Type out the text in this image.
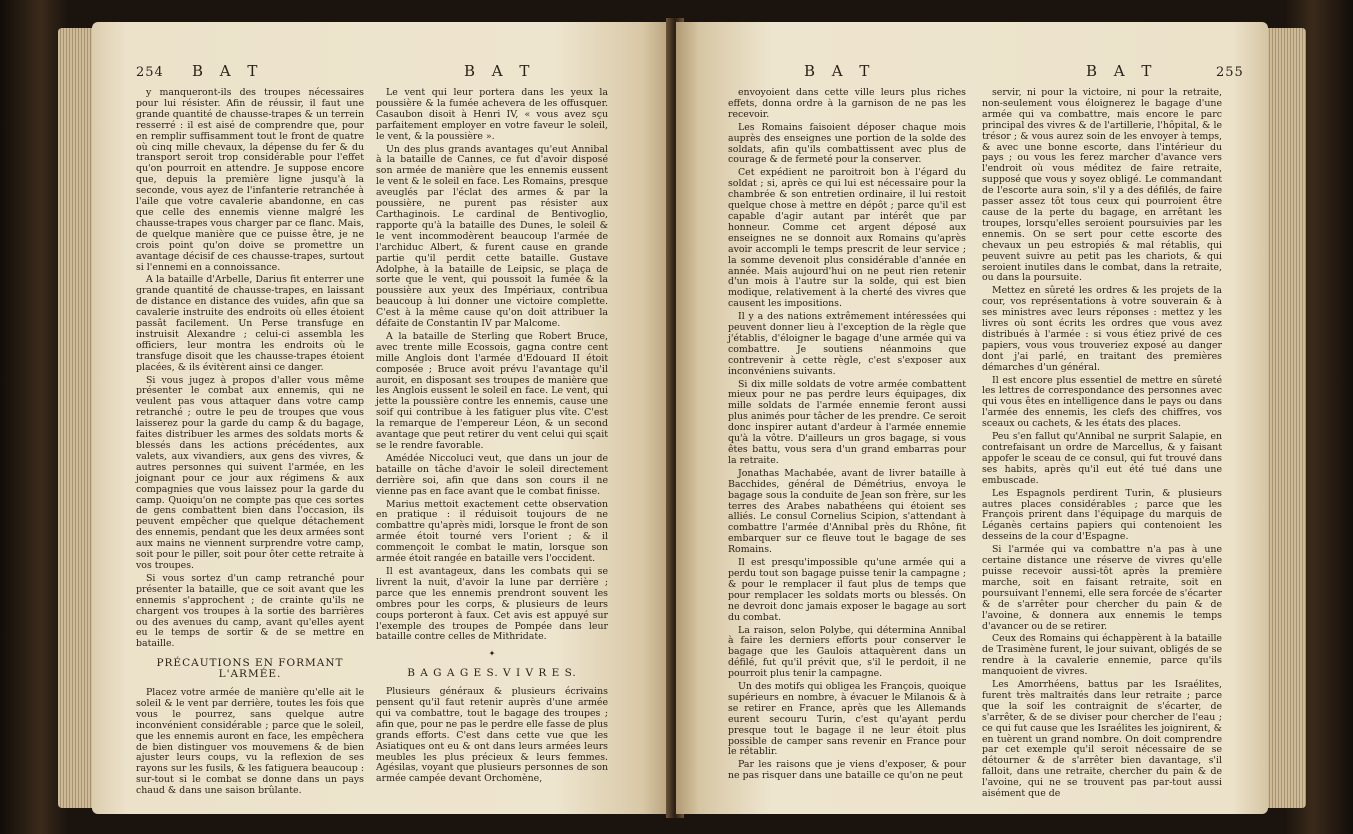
254 B A T	B A T

y manqueront-ils des troupes nécessaires pour lui résister. Afin de réussir, il faut une grande quantité de chausse-trapes & un terrein resserré : il est aisé de comprendre que, pour en remplir suffisamment tout le front de quatre où cinq mille chevaux, la dépense du fer & du transport seroit trop considérable pour l'effet qu'on pourroit en attendre. Je suppose encore que, depuis la première ligne jusqu'à la seconde, vous ayez de l'infanterie retranchée à l'aile que votre cavalerie abandonne, en cas que celle des ennemis vienne malgré les chausse-trapes vous charger par ce flanc. Mais, de quelque manière que ce puisse être, je ne crois point qu'on doive se promettre un avantage décisif de ces chausse-trapes, surtout si l'ennemi en a connoissance.

A la bataille d'Arbelle, Darius fit enterrer une grande quantité de chausse-trapes, en laissant de distance en distance des vuides, afin que sa cavalerie instruite des endroits où elles étoient passât facilement. Un Perse transfuge en instruisit Alexandre ; celui-ci assembla les officiers, leur montra les endroits où le transfuge disoit que les chausse-trapes étoient placées, & ils évitèrent ainsi ce danger.

Si vous jugez à propos d'aller vous même présenter le combat aux ennemis, qui ne veulent pas vous attaquer dans votre camp retranché ; outre le peu de troupes que vous laisserez pour la garde du camp & du bagage, faites distribuer les armes des soldats morts & blessés dans les actions précédentes, aux valets, aux vivandiers, aux gens des vivres, & autres personnes qui suivent l'armée, en les joignant pour ce jour aux régimens & aux compagnies que vous laissez pour la garde du camp. Quoiqu'on ne compte pas que ces sortes de gens combattent bien dans l'occasion, ils peuvent empêcher que quelque détachement des ennemis, pendant que les deux armées sont aux mains ne viennent surprendre votre camp, soit pour le piller, soit pour ôter cette retraite à vos troupes.

Si vous sortez d'un camp retranché pour présenter la bataille, que ce soit avant que les ennemis s'approchent ; de crainte qu'ils ne chargent vos troupes à la sortie des barrières ou des avenues du camp, avant qu'elles ayent eu le temps de sortir & de se mettre en bataille.

PRÉCAUTIONS EN FORMANT L'ARMÉE.

Placez votre armée de manière qu'elle ait le soleil & le vent par derrière, toutes les fois que vous le pourrez, sans quelque autre inconvénient considérable ; parce que le soleil, que les ennemis auront en face, les empêchera de bien distinguer vos mouvemens & de bien ajuster leurs coups, vu la reflexion de ses rayons sur les fusils, & les fatiguera beaucoup : sur-tout si le combat se donne dans un pays chaud & dans une saison brûlante.

Le vent qui leur portera dans les yeux la poussière & la fumée achevera de les offusquer. Casaubon disoit à Henri IV, « vous avez sçu parfaitement employer en votre faveur le soleil, le vent, & la poussière ».

Un des plus grands avantages qu'eut Annibal à la bataille de Cannes, ce fut d'avoir disposé son armée de manière que les ennemis eussent le vent & le soleil en face. Les Romains, presque aveuglés par l'éclat des armes & par la poussière, ne purent pas résister aux Carthaginois. Le cardinal de Bentivoglio, rapporte qu'à la bataille des Dunes, le soleil & le vent incommodèrent beaucoup l'armée de l'archiduc Albert, & furent cause en grande partie qu'il perdit cette bataille. Gustave Adolphe, à la bataille de Leipsic, se plaça de sorte que le vent, qui poussoit la fumée & la poussière aux yeux des Impériaux, contribua beaucoup à lui donner une victoire complette. C'est à la même cause qu'on doit attribuer la défaite de Constantin IV par Malcome.

A la bataille de Sterling que Robert Bruce, avec trente mille Ecossois, gagna contre cent mille Anglois dont l'armée d'Edouard II étoit composée ; Bruce avoit prévu l'avantage qu'il auroit, en disposant ses troupes de manière que les Anglois eussent le soleil en face. Le vent, qui jette la poussière contre les ennemis, cause une soif qui contribue à les fatiguer plus vîte. C'est la remarque de l'empereur Léon, & un second avantage que peut retirer du vent celui qui sçait se le rendre favorable.

Amédée Niccoluci veut, que dans un jour de bataille on tâche d'avoir le soleil directement derrière soi, afin que dans son cours il ne vienne pas en face avant que le combat finisse.

Marius mettoit exactement cette observation en pratique : il réduisoit toujours de ne combattre qu'après midi, lorsque le front de son armée étoit tourné vers l'orient ; & il commençoit le combat le matin, lorsque son armée étoit rangée en bataille vers l'occident.

Il est avantageux, dans les combats qui se livrent la nuit, d'avoir la lune par derrière ; parce que les ennemis prendront souvent les ombres pour les corps, & plusieurs de leurs coups porteront à faux. Cet avis est appuyé sur l'exemple des troupes de Pompée dans leur bataille contre celles de Mithridate.

✦
B A G A G E S. V I V R E S.

Plusieurs généraux & plusieurs écrivains pensent qu'il faut retenir auprès d'une armée qui va combattre, tout le bagage des troupes ; afin que, pour ne pas le perdre elle fasse de plus grands efforts. C'est dans cette vue que les Asiatiques ont eu & ont dans leurs armées leurs meubles les plus précieux & leurs femmes. Agésilas, voyant que plusieurs personnes de son armée campée devant Orchomène,

B A T	B A T	255

envoyoient dans cette ville leurs plus riches effets, donna ordre à la garnison de ne pas les recevoir.

Les Romains faisoient déposer chaque mois auprès des enseignes une portion de la solde des soldats, afin qu'ils combattissent avec plus de courage & de fermeté pour la conserver.

Cet expédient ne paroitroit bon à l'égard du soldat ; si, après ce qui lui est nécessaire pour la chambrée & son entretien ordinaire, il lui restoit quelque chose à mettre en dépôt ; parce qu'il est capable d'agir autant par intérêt que par honneur. Comme cet argent déposé aux enseignes ne se donnoit aux Romains qu'après avoir accompli le temps prescrit de leur service ; la somme devenoit plus considérable d'année en année. Mais aujourd'hui on ne peut rien retenir d'un mois à l'autre sur la solde, qui est bien modique, relativement à la cherté des vivres que causent les impositions.

Il y a des nations extrêmement intéressées qui peuvent donner lieu à l'exception de la règle que j'établis, d'éloigner le bagage d'une armée qui va combattre. Je soutiens néanmoins que contrevenir à cette règle, c'est s'exposer aux inconvéniens suivants.

Si dix mille soldats de votre armée combattent mieux pour ne pas perdre leurs équipages, dix mille soldats de l'armée ennemie feront aussi plus animés pour tâcher de les prendre. Ce seroit donc inspirer autant d'ardeur à l'armée ennemie qu'à la vôtre. D'ailleurs un gros bagage, si vous êtes battu, vous sera d'un grand embarras pour la retraite.

Jonathas Machabée, avant de livrer bataille à Bacchides, général de Démétrius, envoya le bagage sous la conduite de Jean son frère, sur les terres des Arabes nabathéens qui étoient ses alliés. Le consul Cornelius Scipion, s'attendant à combattre l'armée d'Annibal près du Rhône, fit embarquer sur ce fleuve tout le bagage de ses Romains.

Il est presqu'impossible qu'une armée qui a perdu tout son bagage puisse tenir la campagne ; & pour le remplacer il faut plus de temps que pour remplacer les soldats morts ou blessés. On ne devroit donc jamais exposer le bagage au sort du combat.

La raison, selon Polybe, qui détermina Annibal à faire les derniers efforts pour conserver le bagage que les Gaulois attaquèrent dans un défilé, fut qu'il prévit que, s'il le perdoit, il ne pourroit plus tenir la campagne.

Un des motifs qui obligea les François, quoique supérieurs en nombre, à évacuer le Milanois & à se retirer en France, après que les Allemands eurent secouru Turin, c'est qu'ayant perdu presque tout le bagage il ne leur étoit plus possible de camper sans revenir en France pour le rétablir.

Par les raisons que je viens d'exposer, & pour ne pas risquer dans une bataille ce qu'on ne peut

servir, ni pour la victoire, ni pour la retraite, non-seulement vous éloignerez le bagage d'une armée qui va combattre, mais encore le parc principal des vivres & de l'artillerie, l'hôpital, & le trésor ; & vous aurez soin de les envoyer à temps, & avec une bonne escorte, dans l'intérieur du pays ; ou vous les ferez marcher d'avance vers l'endroit où vous méditez de faire retraite, supposé que vous y soyez obligé. Le commandant de l'escorte aura soin, s'il y a des défilés, de faire passer assez tôt tous ceux qui pourroient être cause de la perte du bagage, en arrêtant les troupes, lorsqu'elles seroient poursuivies par les ennemis. On se sert pour cette escorte des chevaux un peu estropiés & mal rétablis, qui peuvent suivre au petit pas les chariots, & qui seroient inutiles dans le combat, dans la retraite, ou dans la poursuite.

Mettez en sûreté les ordres & les projets de la cour, vos représentations à votre souverain & à ses ministres avec leurs réponses : mettez y les livres où sont écrits les ordres que vous avez distribués à l'armée : si vous étiez privé de ces papiers, vous vous trouveriez exposé au danger dont j'ai parlé, en traitant des premières démarches d'un général.

Il est encore plus essentiel de mettre en sûreté les lettres de correspondance des personnes avec qui vous êtes en intelligence dans le pays ou dans l'armée des ennemis, les clefs des chiffres, vos sceaux ou cachets, & les états des places.

Peu s'en fallut qu'Annibal ne surprit Salapie, en contrefaisant un ordre de Marcellus, & y faisant appofer le sceau de ce consul, qui fut trouvé dans ses habits, après qu'il eut été tué dans une embuscade.

Les Espagnols perdirent Turin, & plusieurs autres places considérables ; parce que les François prirent dans l'équipage du marquis de Léganès certains papiers qui contenoient les desseins de la cour d'Espagne.

Si l'armée qui va combattre n'a pas à une certaine distance une réserve de vivres qu'elle puisse recevoir aussi-tôt après la première marche, soit en faisant retraite, soit en poursuivant l'ennemi, elle sera forcée de s'écarter & de s'arrêter pour chercher du pain & de l'avoine, & donnera aux ennemis le temps d'avancer ou de se retirer.

Ceux des Romains qui échappèrent à la bataille de Trasimène furent, le jour suivant, obligés de se rendre à la cavalerie ennemie, parce qu'ils manquoient de vivres.

Les Amorrhéens, battus par les Israélites, furent très maltraités dans leur retraite ; parce que la soif les contraignit de s'écarter, de s'arrêter, & de se diviser pour chercher de l'eau ; ce qui fut cause que les Israélites les joignirent, & en tuèrent un grand nombre. On doit comprendre par cet exemple qu'il seroit nécessaire de se détourner & de s'arrêter bien davantage, s'il falloit, dans une retraite, chercher du pain & de l'avoine, qui ne se trouvent pas par-tout aussi aisément que de
